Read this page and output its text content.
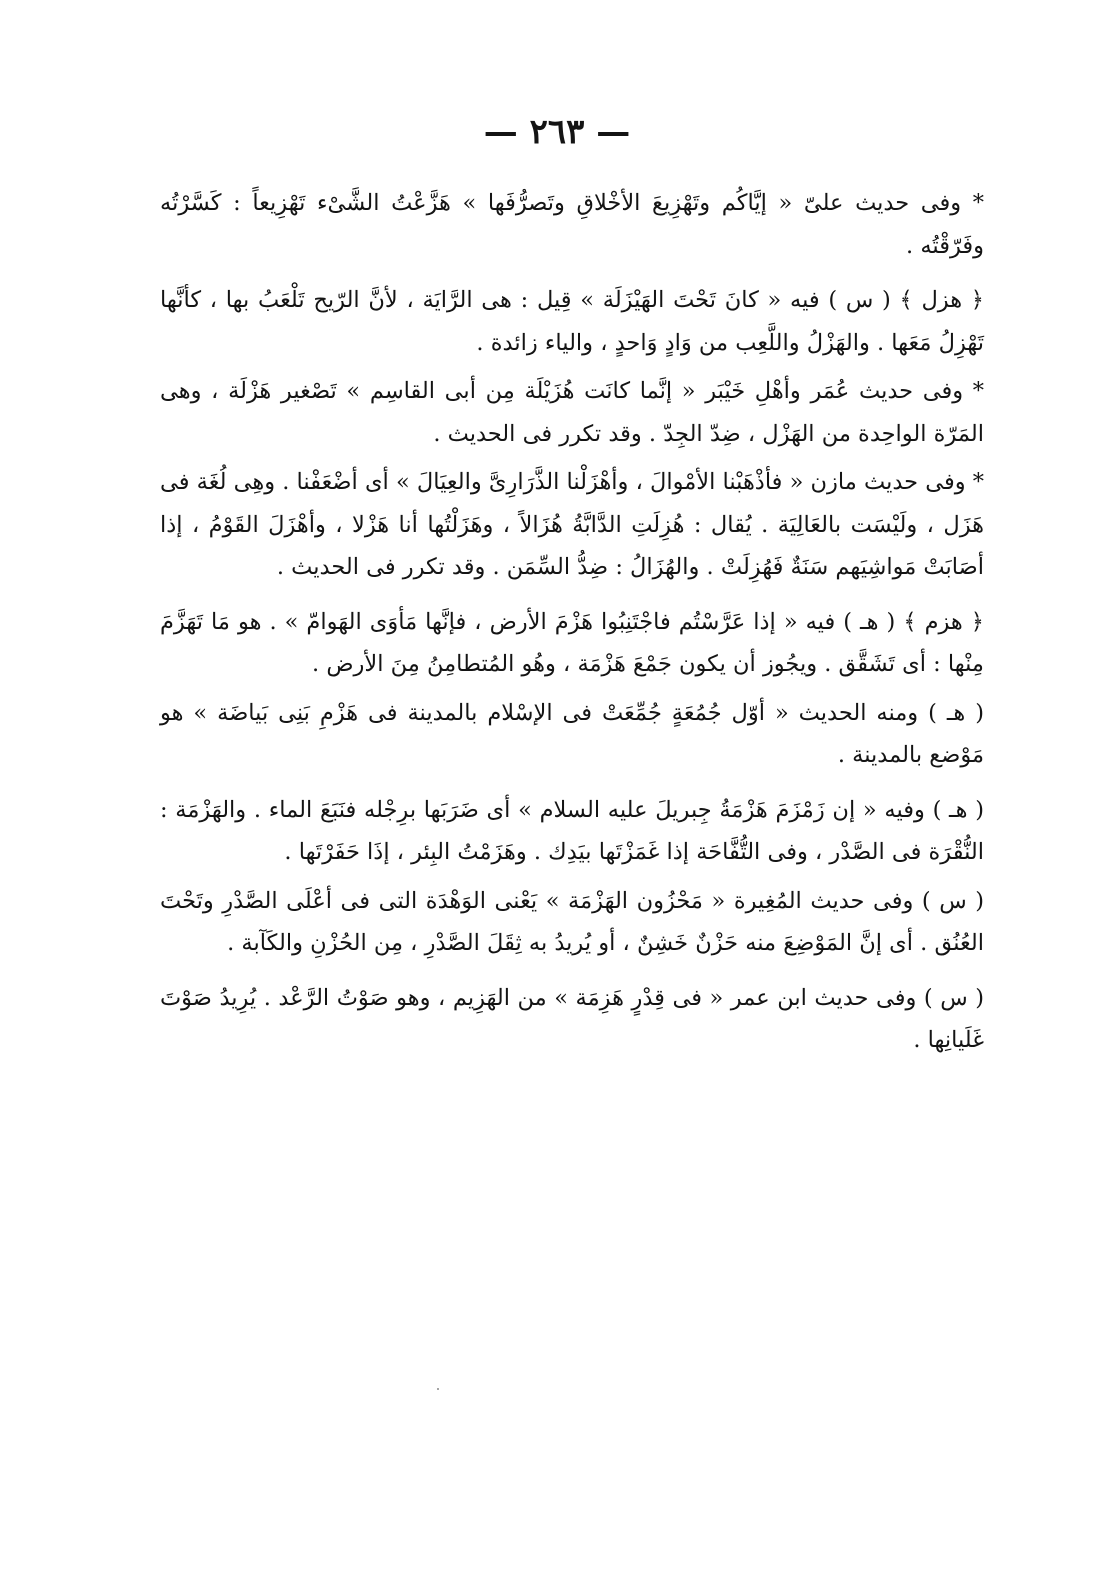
— ٢٦٣ —

* وفى حديث علىّ « إيَّاكُم وتَهْزِيعَ الأخْلاقِ وتَصرُّفَها » هَزَّعْتُ الشَّىْء تَهْزِيعاً : كَسَّرْتُه وفَرّقْتُه .

﴿ هزل ﴾ ( س ) فيه « كانَ تَحْتَ الهَيْزَلَة » قِيل : هى الرَّايَة ، لأنَّ الرّيح تَلْعَبُ بها ، كأنَّها تَهْزِلُ مَعَها . والهَزْلُ واللَّعِب من وَادٍ وَاحدٍ ، والياء زائدة .

* وفى حديث عُمَر وأهْلِ خَيْبَر « إنَّما كانَت هُزَيْلَة مِن أبى القاسِم » تَصْغير هَزْلَة ، وهى المَرّة الواحِدة من الهَزْل ، ضِدّ الجِدّ . وقد تكرر فى الحديث .

* وفى حديث مازن « فأذْهَبْنا الأمْوالَ ، وأهْزَلْنا الذَّرَارِىَّ والعِيَالَ » أى أضْعَفْنا . وهِى لُغَة فى هَزَل ، ولَيْسَت بالعَالِيَة . يُقال : هُزِلَتِ الدَّابَّةُ هُزَالاً ، وهَزَلْتُها أنا هَزْلا ، وأهْزَلَ القَوْمُ ، إذا أصَابَتْ مَواشِيَهم سَنَةٌ فَهُزِلَتْ . والهُزَالُ : ضِدُّ السِّمَن . وقد تكرر فى الحديث .

﴿ هزم ﴾ ( هـ ) فيه « إذا عَرَّسْتُم فاجْتَنِبُوا هَزْمَ الأرض ، فإنَّها مَأوَى الهَوامّ » . هو مَا تَهَزَّمَ مِنْها : أى تَشَقَّق . ويجُوز أن يكون جَمْعَ هَزْمَة ، وهُو المُتطامِنُ مِنَ الأرض .

( هـ ) ومنه الحديث « أوّل جُمُعَةٍ جُمِّعَتْ فى الإسْلام بالمدينة فى هَزْمِ بَنِى بَياضَة » هو مَوْضع بالمدينة .

( هـ ) وفيه « إن زَمْزَمَ هَزْمَةُ جِبريلَ عليه السلام » أى ضَرَبَها برِجْله فنَبَعَ الماء . والهَزْمَة : النُّقْرَة فى الصَّدْر ، وفى التُّفَّاحَة إذا غَمَزْتَها بيَدِك . وهَزَمْتُ البِئر ، إذَا حَفَرْتَها .

( س ) وفى حديث المُغِيرة « مَحْزُون الهَزْمَة » يَعْنى الوَهْدَة التى فى أعْلَى الصَّدْرِ وتَحْتَ العُنُق . أى إنَّ المَوْضِعَ منه حَزْنٌ خَشِنٌ ، أو يُريدُ به ثِقَلَ الصَّدْرِ ، مِن الحُزْنِ والكَآبة .

( س ) وفى حديث ابن عمر « فى قِدْرٍ هَزِمَة » من الهَزِيم ، وهو صَوْتُ الرَّعْد . يُرِيدُ صَوْتَ غَلَيانِها .
